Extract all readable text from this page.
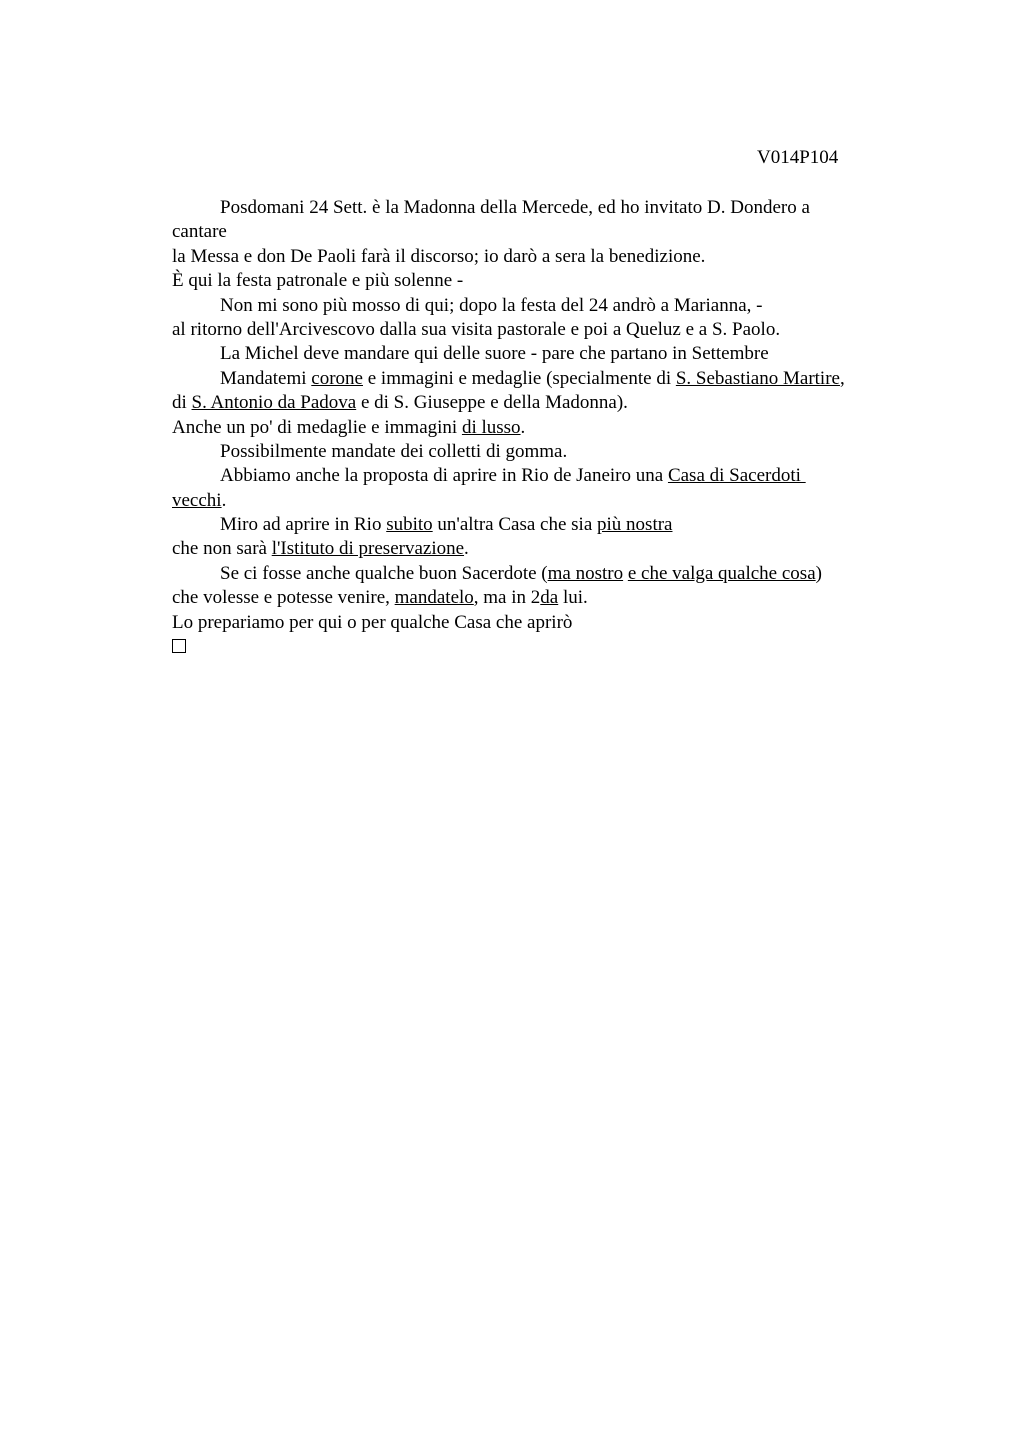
V014P104
Posdomani 24 Sett. è la Madonna della Mercede, ed ho invitato D. Dondero a
cantare
la Messa e don De Paoli farà il discorso; io darò a sera la benedizione.
È qui la festa patronale e più solenne -
Non mi sono più mosso di qui; dopo la festa del 24 andrò a Marianna, -
al ritorno dell'Arcivescovo dalla sua visita pastorale e poi a Queluz e a S. Paolo.
La Michel deve mandare qui delle suore - pare che partano in Settembre
Mandatemi corone e immagini e medaglie (specialmente di S. Sebastiano Martire,
di S. Antonio da Padova e di S. Giuseppe e della Madonna).
Anche un po' di medaglie e immagini di lusso.
Possibilmente mandate dei colletti di gomma.
Abbiamo anche la proposta di aprire in Rio de Janeiro una Casa di Sacerdoti
vecchi.
Miro ad aprire in Rio subito un'altra Casa che sia più nostra
che non sarà l'Istituto di preservazione.
Se ci fosse anche qualche buon Sacerdote (ma nostro e che valga qualche cosa)
che volesse e potesse venire, mandatelo, ma in 2da lui.
Lo prepariamo per qui o per qualche Casa che aprirò
